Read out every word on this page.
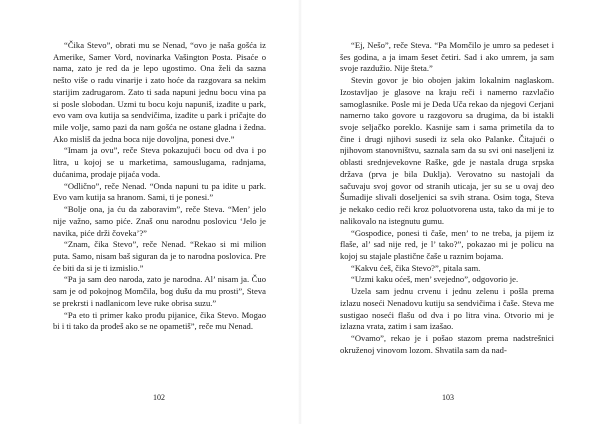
“Čika Stevo”, obrati mu se Nenad, “ovo je naša gošća iz Amerike, Samer Vord, novinarka Vašington Posta. Pisaće o nama, zato je red da je lepo ugostimo. Ona želi da sazna nešto više o radu vinarije i zato hoće da razgovara sa nekim starijim zadrugarom. Zato ti sada napuni jednu bocu vina pa si posle slobodan. Uzmi tu bocu koju napuniš, izađite u park, evo vam ova kutija sa sendvičima, izađite u park i pričajte do mile volje, samo pazi da nam gošća ne ostane gladna i žedna. Ako misliš da jedna boca nije dovoljna, ponesi dve.”

“Imam ja ovu”, reče Steva pokazujući bocu od dva i po litra, u kojoj se u marketima, samouslugama, radnjama, dućanima, prodaje pijaća voda.

“Odlično”, reče Nenad. “Onda napuni tu pa idite u park. Evo vam kutija sa hranom. Sami, ti je ponesi.”

“Bolje ona, ja ću da zaboravim”, reče Steva. “Men’ jelo nije važno, samo piće. Znaš onu narodnu poslovicu ‘Jelo je navika, piće drži čoveka’?”

“Znam, čika Stevo”, reče Nenad. “Rekao si mi milion puta. Samo, nisam baš siguran da je to narodna poslovica. Pre će biti da si je ti izmislio.”

“Pa ja sam deo naroda, zato je narodna. Al’ nisam ja. Čuo sam je od pokojnog Momčila, bog dušu da mu prosti”, Steva se prekrsti i nadlanicom leve ruke obrisa suzu.”

“Pa eto ti primer kako prođu pijanice, čika Stevo. Mogao bi i ti tako da prođeš ako se ne opametiš”, reče mu Nenad.

102

“Ej, Nešo”, reče Steva. “Pa Momčilo je umro sa pedeset i šes godina, a ja imam šeset četiri. Sad i ako umrem, ja sam svoje razdužio. Nije šteta.”

Stevin govor je bio obojen jakim lokalnim naglaskom. Izostavljao je glasove na kraju reči i namerno razvlačio samoglasnike. Posle mi je Deda Uča rekao da njegovi Cerjani namerno tako govore u razgovoru sa drugima, da bi istakli svoje seljačko poreklo. Kasnije sam i sama primetila da to čine i drugi njihovi susedi iz sela oko Palanke. Čitajući o njihovom stanovništvu, saznala sam da su svi oni naseljeni iz oblasti srednjevekovne Raške, gde je nastala druga srpska država (prva je bila Duklja). Verovatno su nastojali da sačuvaju svoj govor od stranih uticaja, jer su se u ovaj deo Šumadije slivali doseljenici sa svih strana. Osim toga, Steva je nekako cedio reči kroz poluotvorena usta, tako da mi je to nalikovalo na istegnutu gumu.

“Gospođice, ponesi ti čaše, men’ to ne treba, ja pijem iz flaše, al’ sad nije red, je l’ tako?”, pokazao mi je policu na kojoj su stajale plastične čaše u raznim bojama.

“Kakvu ćeš, čika Stevo?”, pitala sam.

“Uzmi kaku oćeš, men’ svejedno”, odgovorio je.

Uzela sam jednu crvenu i jednu zelenu i pošla prema izlazu noseći Nenadovu kutiju sa sendvičima i čaše. Steva me sustigao noseći flašu od dva i po litra vina. Otvorio mi je izlazna vrata, zatim i sam izašao.

“Ovamo”, rekao je i pošao stazom prema nadstrešnici okruženoj vinovom lozom. Shvatila sam da nad-

103
